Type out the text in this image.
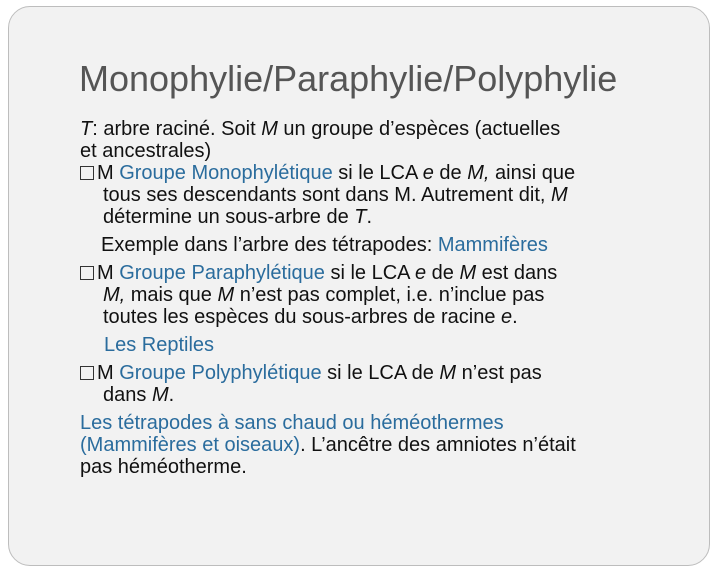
Monophylie/Paraphylie/Polyphylie
T: arbre raciné. Soit M un groupe d’espèces (actuelles
et ancestrales)
M Groupe Monophylétique si le LCA e de M, ainsi que
tous ses descendants sont dans M. Autrement dit, M
détermine un sous-arbre de T.
Exemple dans l’arbre des tétrapodes: Mammifères
M Groupe Paraphylétique si le LCA e de M est dans
M, mais que M n’est pas complet, i.e. n’inclue pas
toutes les espèces du sous-arbres de racine e.
Les Reptiles
M Groupe Polyphylétique si le LCA de M n’est pas
dans M.
Les tétrapodes à sans chaud ou héméothermes
(Mammifères et oiseaux). L’ancêtre des amniotes n’était
pas héméotherme.
